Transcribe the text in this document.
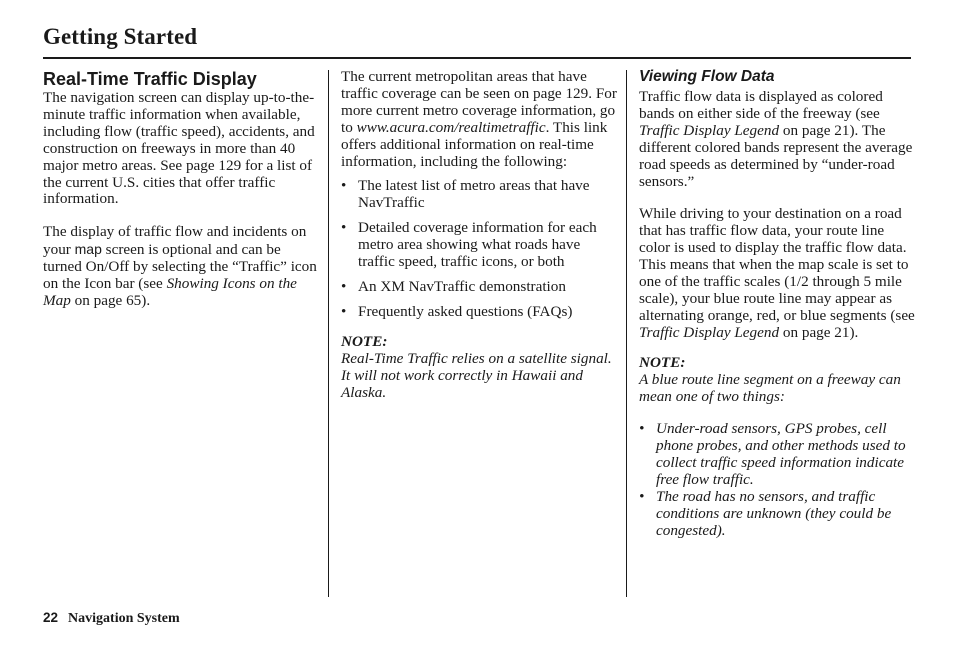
Getting Started
Real-Time Traffic Display

The navigation screen can display up-to-the-minute traffic information when available, including flow (traffic speed), accidents, and construction on freeways in more than 40 major metro areas. See page 129 for a list of the current U.S. cities that offer traffic information.

The display of traffic flow and incidents on your map screen is optional and can be turned On/Off by selecting the “Traffic” icon on the Icon bar (see Showing Icons on the Map on page 65).

The current metropolitan areas that have traffic coverage can be seen on page 129. For more current metro coverage information, go to www.acura.com/realtimetraffic. This link offers additional information on real-time information, including the following:

• The latest list of metro areas that have NavTraffic
• Detailed coverage information for each metro area showing what roads have traffic speed, traffic icons, or both
• An XM NavTraffic demonstration
• Frequently asked questions (FAQs)

NOTE:

Real-Time Traffic relies on a satellite signal. It will not work correctly in Hawaii and Alaska.

Viewing Flow Data

Traffic flow data is displayed as colored bands on either side of the freeway (see Traffic Display Legend on page 21). The different colored bands represent the average road speeds as determined by “under-road sensors.”

While driving to your destination on a road that has traffic flow data, your route line color is used to display the traffic flow data. This means that when the map scale is set to one of the traffic scales (1/2 through 5 mile scale), your blue route line may appear as alternating orange, red, or blue segments (see Traffic Display Legend on page 21).

NOTE:

A blue route line segment on a freeway can mean one of two things:

• Under-road sensors, GPS probes, cell phone probes, and other methods used to collect traffic speed information indicate free flow traffic.
• The road has no sensors, and traffic conditions are unknown (they could be congested).
22 Navigation System
